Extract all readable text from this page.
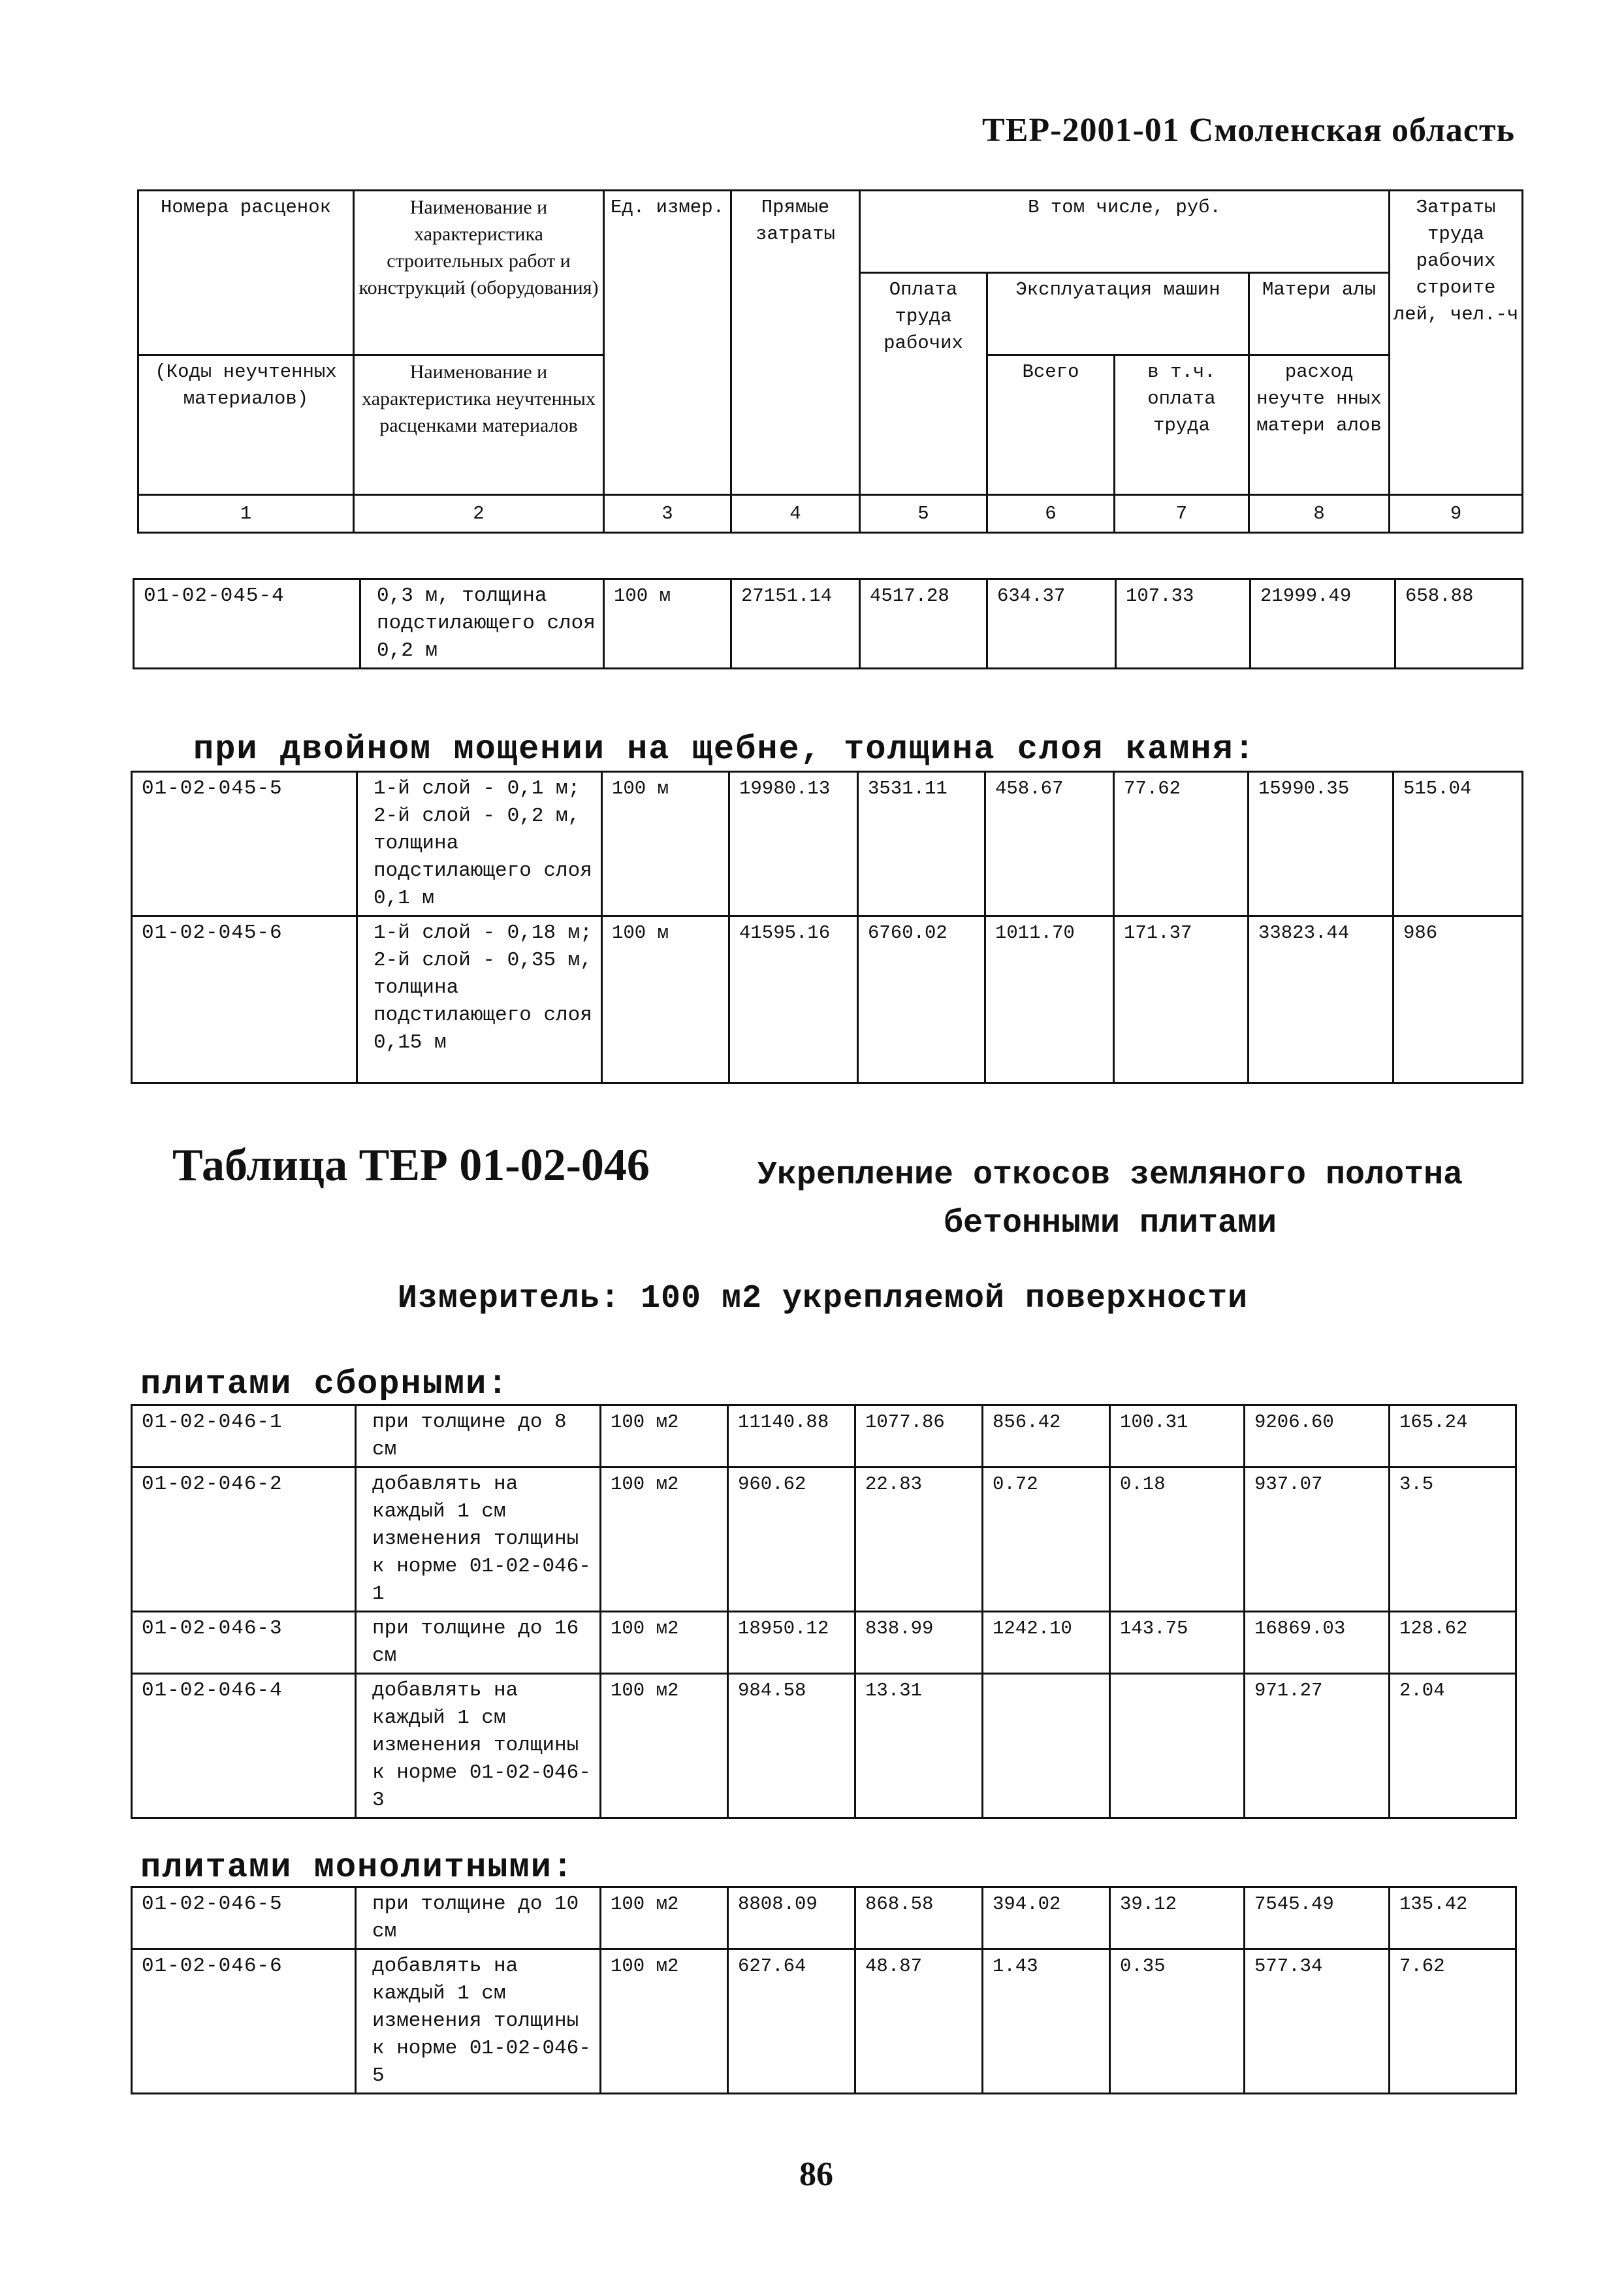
ТЕР-2001-01 Смоленская область
Номера расценок	Наименование и характеристика строительных работ и конструкций (оборудования)	Ед. измер.	Прямые затраты	В том числе, руб.				Затраты труда рабочих строите лей, чел.-ч
				Оплата труда рабочих	Эксплуатация машин		Матери алы	
(Коды неучтенных материалов)	Наименование и характеристика неучтенных расценками материалов				Всего	в т.ч. оплата труда	расход неучте нных матери алов	
1	2	3	4	5	6	7	8	9
01-02-045-4	0,3 м, толщина подстилающего слоя 0,2 м	100 м	27151.14	4517.28	634.37	107.33	21999.49	658.88
при двойном мощении на щебне, толщина слоя камня:
01-02-045-5	1-й слой - 0,1 м; 2-й слой - 0,2 м, толщина подстилающего слоя 0,1 м	100 м	19980.13	3531.11	458.67	77.62	15990.35	515.04
01-02-045-6	1-й слой - 0,18 м; 2-й слой - 0,35 м, толщина подстилающего слоя 0,15 м	100 м	41595.16	6760.02	1011.70	171.37	33823.44	986
Таблица ТЕР 01-02-046	Укрепление откосов земляного полотна бетонными плитами
Измеритель: 100 м2 укрепляемой поверхности
плитами сборными:
01-02-046-1	при толщине до 8 см	100 м2	11140.88	1077.86	856.42	100.31	9206.60	165.24
01-02-046-2	добавлять на каждый 1 см изменения толщины к норме 01-02-046-1	100 м2	960.62	22.83	0.72	0.18	937.07	3.5
01-02-046-3	при толщине до 16 см	100 м2	18950.12	838.99	1242.10	143.75	16869.03	128.62
01-02-046-4	добавлять на каждый 1 см изменения толщины к норме 01-02-046-3	100 м2	984.58	13.31			971.27	2.04
плитами монолитными:
01-02-046-5	при толщине до 10 см	100 м2	8808.09	868.58	394.02	39.12	7545.49	135.42
01-02-046-6	добавлять на каждый 1 см изменения толщины к норме 01-02-046-5	100 м2	627.64	48.87	1.43	0.35	577.34	7.62
86
